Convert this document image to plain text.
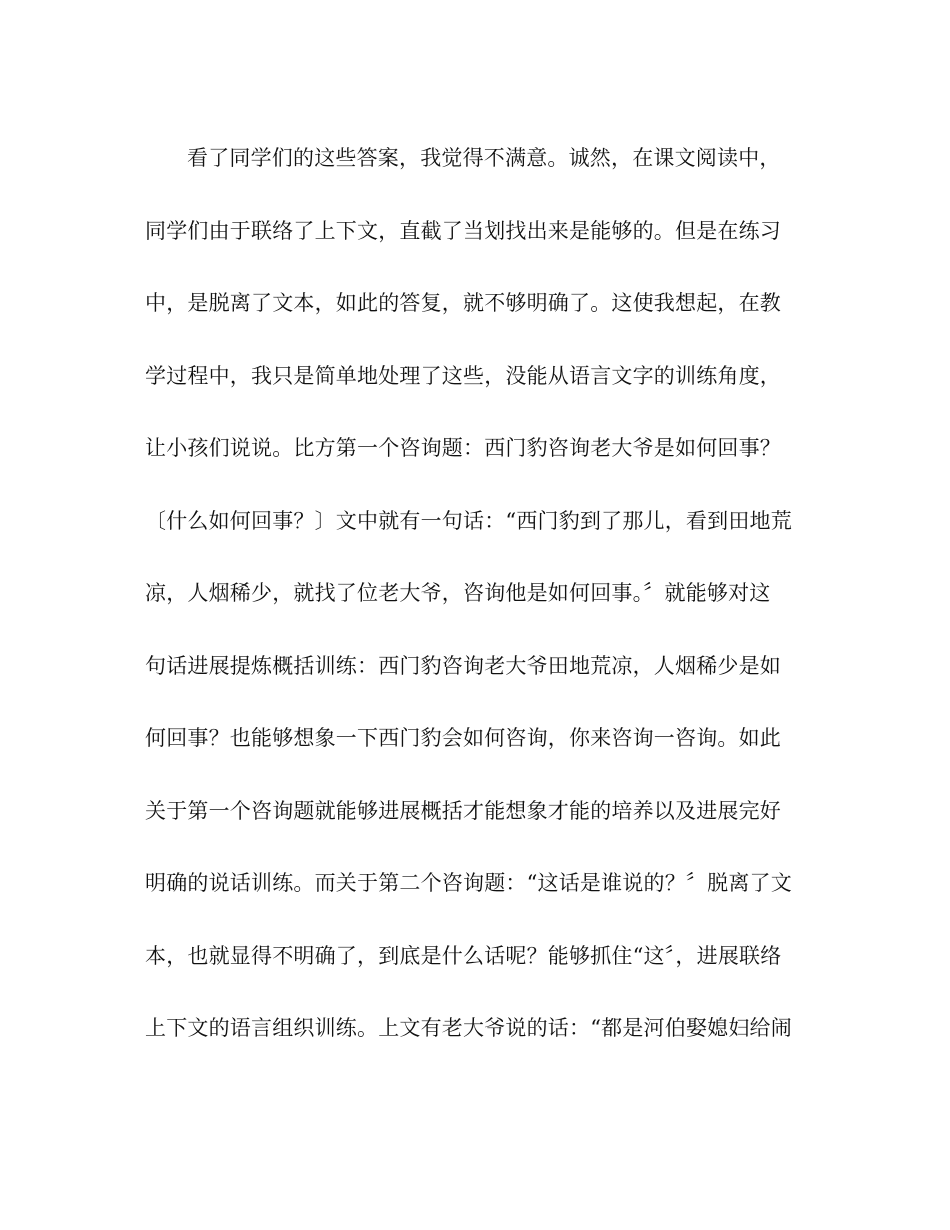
看了同学们的这些答案，我觉得不满意。诚然，在课文阅读中，
同学们由于联络了上下文，直截了当划找出来是能够的。但是在练习
中，是脱离了文本，如此的答复，就不够明确了。这使我想起，在教
学过程中，我只是简单地处理了这些，没能从语言文字的训练角度，
让小孩们说说。比方第一个咨询题：西门豹咨询老大爷是如何回事？
〔什么如何回事？〕文中就有一句话：“西门豹到了那儿，看到田地荒
凉，人烟稀少，就找了位老大爷，咨询他是如何回事。〞就能够对这
句话进展提炼概括训练：西门豹咨询老大爷田地荒凉，人烟稀少是如
何回事？也能够想象一下西门豹会如何咨询，你来咨询一咨询。如此
关于第一个咨询题就能够进展概括才能想象才能的培养以及进展完好
明确的说话训练。而关于第二个咨询题：“这话是谁说的？〞脱离了文
本，也就显得不明确了，到底是什么话呢？能够抓住“这〞，进展联络
上下文的语言组织训练。上文有老大爷说的话：“都是河伯娶媳妇给闹
